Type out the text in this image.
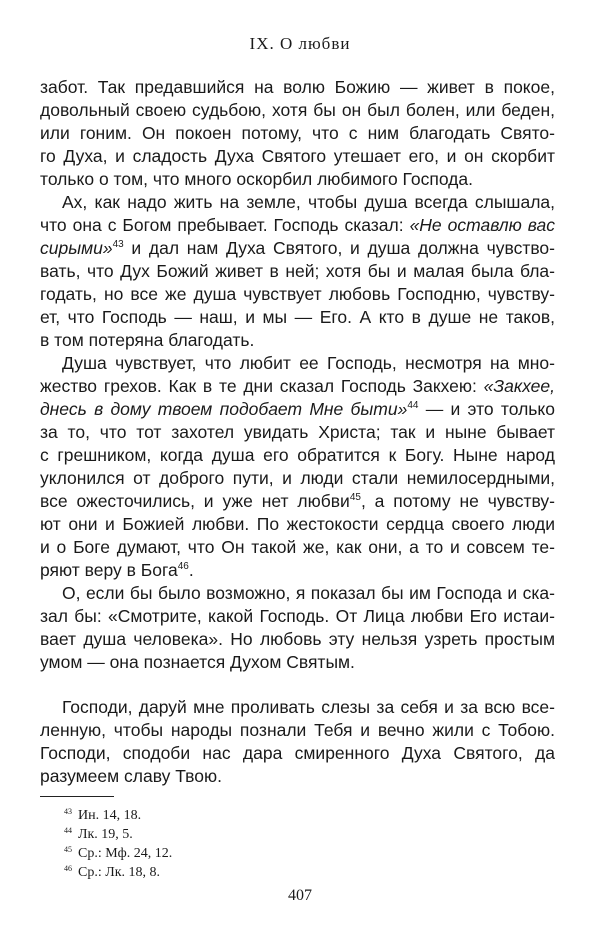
IX. О любви
забот. Так предавшийся на волю Божию — живет в покое,
довольный своею судьбою, хотя бы он был болен, или беден,
или гоним. Он покоен потому, что с ним благодать Свято-
го Духа, и сладость Духа Святого утешает его, и он скорбит
только о том, что много оскорбил любимого Господа.
Ах, как надо жить на земле, чтобы душа всегда слышала,
что она с Богом пребывает. Господь сказал: «Не оставлю вас
сирыми»$^{43}$ и дал нам Духа Святого, и душа должна чувство-
вать, что Дух Божий живет в ней; хотя бы и малая была бла-
годать, но все же душа чувствует любовь Господню, чувству-
ет, что Господь — наш, и мы — Его. А кто в душе не таков,
в том потеряна благодать.
Душа чувствует, что любит ее Господь, несмотря на мно-
жество грехов. Как в те дни сказал Господь Закхею: «Закхее,
днесь в дому твоем подобает Мне быти»$^{44}$ — и это только
за то, что тот захотел увидать Христа; так и ныне бывает
с грешником, когда душа его обратится к Богу. Ныне народ
уклонился от доброго пути, и люди стали немилосердными,
все ожесточились, и уже нет любви$^{45}$, а потому не чувству-
ют они и Божией любви. По жестокости сердца своего люди
и о Боге думают, что Он такой же, как они, а то и совсем те-
ряют веру в Бога$^{46}$.
О, если бы было возможно, я показал бы им Господа и ска-
зал бы: «Смотрите, какой Господь. От Лица любви Его истаи-
вает душа человека». Но любовь эту нельзя узреть простым
умом — она познается Духом Святым.
Господи, даруй мне проливать слезы за себя и за всю все-
ленную, чтобы народы познали Тебя и вечно жили с Тобою.
Господи, сподоби нас дара смиренного Духа Святого, да
разумеем славу Твою.
$^{43}$ Ин. 14, 18.
$^{44}$ Лк. 19, 5.
$^{45}$ Ср.: Мф. 24, 12.
$^{46}$ Ср.: Лк. 18, 8.
407
